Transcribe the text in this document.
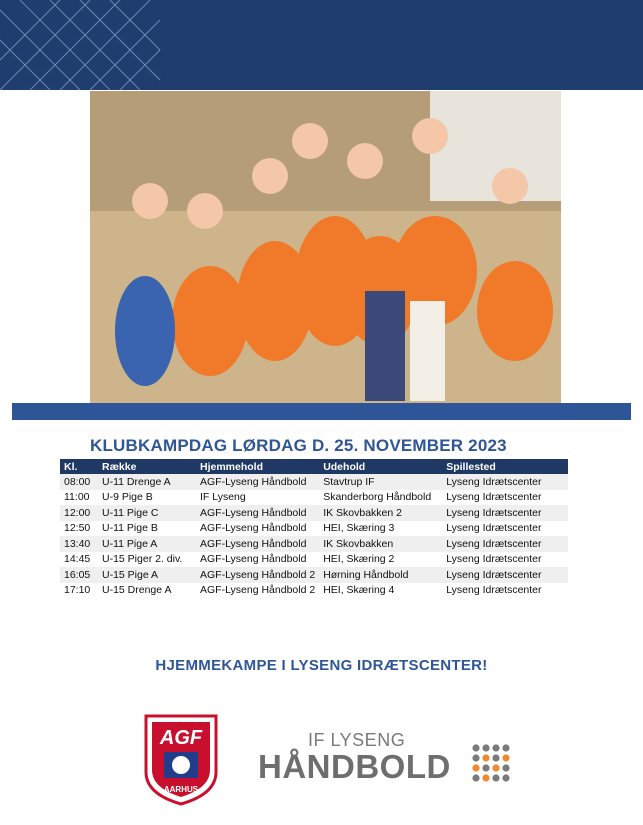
KLUBKAMPDAG LØRDAG D. 25. NOVEMBER 2023
Kl.	Række	Hjemmehold	Udehold	Spillested
08:00	U-11 Drenge A	AGF-Lyseng Håndbold	Stavtrup IF	Lyseng Idrætscenter
11:00	U-9 Pige B	IF Lyseng	Skanderborg Håndbold	Lyseng Idrætscenter
12:00	U-11 Pige C	AGF-Lyseng Håndbold	IK Skovbakken 2	Lyseng Idrætscenter
12:50	U-11 Pige B	AGF-Lyseng Håndbold	HEI, Skæring 3	Lyseng Idrætscenter
13:40	U-11 Pige A	AGF-Lyseng Håndbold	IK Skovbakken	Lyseng Idrætscenter
14:45	U-15 Piger 2. div.	AGF-Lyseng Håndbold	HEI, Skæring 2	Lyseng Idrætscenter
16:05	U-15 Pige A	AGF-Lyseng Håndbold 2	Hørning Håndbold	Lyseng Idrætscenter
17:10	U-15 Drenge A	AGF-Lyseng Håndbold 2	HEI, Skæring 4	Lyseng Idrætscenter
HJEMMEKAMPE I LYSENG IDRÆTSCENTER!
AGF
AARHUS
IF LYSENG
HÅNDBOLD
